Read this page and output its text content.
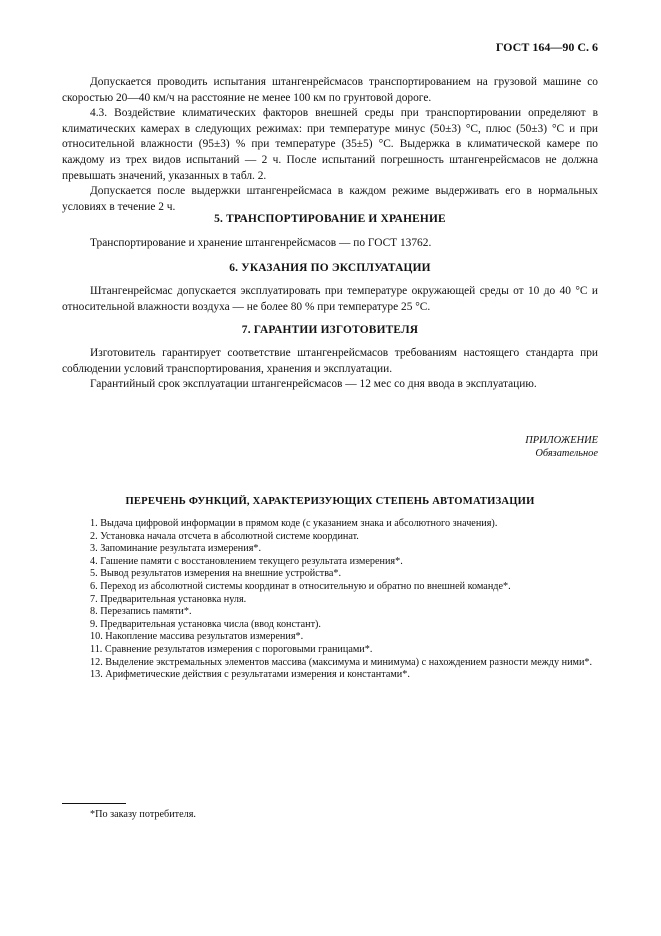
ГОСТ 164—90 С. 6
Допускается проводить испытания штангенрейсмасов транспортированием на грузовой машине со скоростью 20—40 км/ч на расстояние не менее 100 км по грунтовой дороге.
4.3. Воздействие климатических факторов внешней среды при транспортировании определяют в климатических камерах в следующих режимах: при температуре минус (50±3) °С, плюс (50±3) °С и при относительной влажности (95±3) % при температуре (35±5) °С. Выдержка в климатической камере по каждому из трех видов испытаний — 2 ч. После испытаний погрешность штангенрейсмасов не должна превышать значений, указанных в табл. 2.
Допускается после выдержки штангенрейсмаса в каждом режиме выдерживать его в нормальных условиях в течение 2 ч.
5. ТРАНСПОРТИРОВАНИЕ И ХРАНЕНИЕ
Транспортирование и хранение штангенрейсмасов — по ГОСТ 13762.
6. УКАЗАНИЯ ПО ЭКСПЛУАТАЦИИ
Штангенрейсмас допускается эксплуатировать при температуре окружающей среды от 10 до 40 °С и относительной влажности воздуха — не более 80 % при температуре 25 °С.
7. ГАРАНТИИ ИЗГОТОВИТЕЛЯ
Изготовитель гарантирует соответствие штангенрейсмасов требованиям настоящего стандарта при соблюдении условий транспортирования, хранения и эксплуатации.
Гарантийный срок эксплуатации штангенрейсмасов — 12 мес со дня ввода в эксплуатацию.
ПРИЛОЖЕНИЕ
Обязательное
ПЕРЕЧЕНЬ ФУНКЦИЙ, ХАРАКТЕРИЗУЮЩИХ СТЕПЕНЬ АВТОМАТИЗАЦИИ
1. Выдача цифровой информации в прямом коде (с указанием знака и абсолютного значения).
2. Установка начала отсчета в абсолютной системе координат.
3. Запоминание результата измерения*.
4. Гашение памяти с восстановлением текущего результата измерения*.
5. Вывод результатов измерения на внешние устройства*.
6. Переход из абсолютной системы координат в относительную и обратно по внешней команде*.
7. Предварительная установка нуля.
8. Перезапись памяти*.
9. Предварительная установка числа (ввод констант).
10. Накопление массива результатов измерения*.
11. Сравнение результатов измерения с пороговыми границами*.
12. Выделение экстремальных элементов массива (максимума и минимума) с нахождением разности между ними*.
13. Арифметические действия с результатами измерения и константами*.
*По заказу потребителя.
